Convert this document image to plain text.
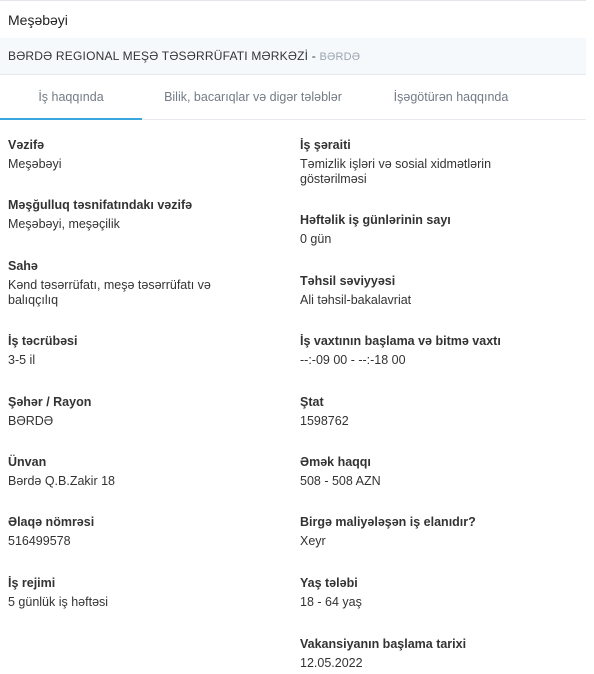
Meşəbəyi
BƏRDƏ REGIONAL MEŞƏ TƏSƏRRÜFATI MƏRKƏZİ - BƏRDƏ
İş haqqında	Bilik, bacarıqlar və digər tələblər	İşəgötürən haqqında
Vəzifə
Meşəbəyi
Məşğulluq təsnifatındakı vəzifə
Meşəbəyi, meşəçilik
Sahə
Kənd təsərrüfatı, meşə təsərrüfatı və balıqçılıq
İş təcrübəsi
3-5 il
Şəhər / Rayon
BƏRDƏ
Ünvan
Bərdə Q.B.Zakir 18
Əlaqə nömrəsi
516499578
İş rejimi
5 günlük iş həftəsi
İş şəraiti
Təmizlik işləri və sosial xidmətlərin göstərilməsi
Həftəlik iş günlərinin sayı
0 gün
Təhsil səviyyəsi
Ali təhsil-bakalavriat
İş vaxtının başlama və bitmə vaxtı
--:-09 00 - --:-18 00
Ştat
1598762
Əmək haqqı
508 - 508 AZN
Birgə maliyələşən iş elanıdır?
Xeyr
Yaş tələbi
18 - 64 yaş
Vakansiyanın başlama tarixi
12.05.2022
